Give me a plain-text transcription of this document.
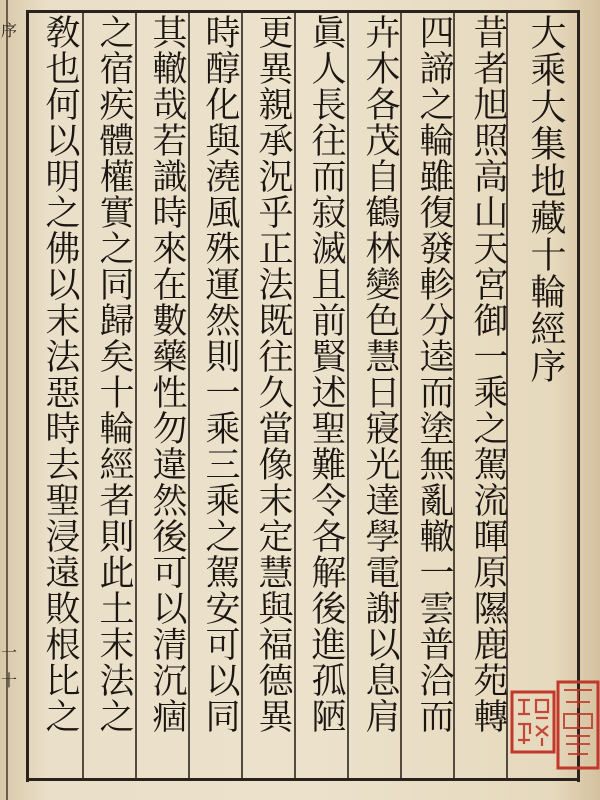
序
一
十
大乘大集地藏十輪經序
昔者旭照高山天宮御一乘之駕流暉原隰鹿苑轉
四諦之輪雖復發軫分逵而塗無亂轍一雲普洽而
卉木各茂自鶴林變色慧日寢光達學電謝以息肩
眞人長往而寂滅且前賢述聖難令各解後進孤陋
更異親承況乎正法既往久當像末定慧與福德異
時醇化與澆風殊運然則一乘三乘之駕安可以同
其轍哉若識時來在數藥性勿違然後可以清沉痼
之宿疾體權實之同歸矣十輪經者則此土末法之
敎也何以明之佛以末法惡時去聖浸遠敗根比之
